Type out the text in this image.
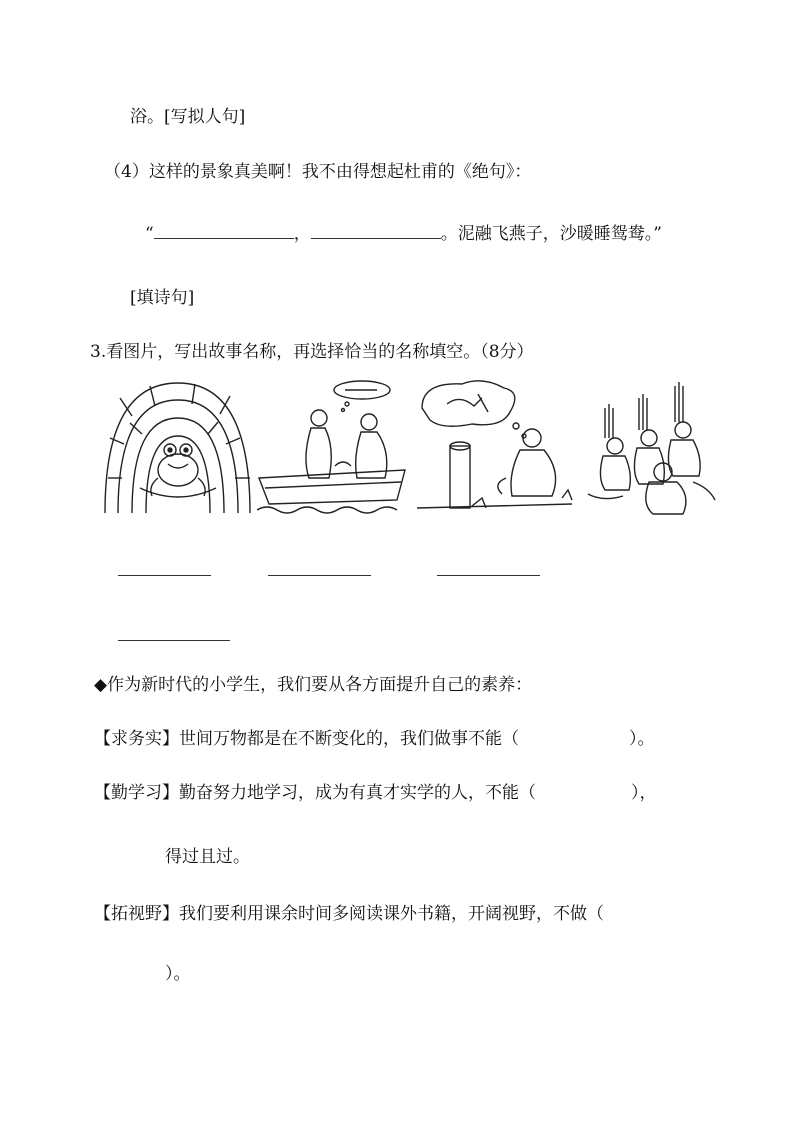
浴。[写拟人句]
（4）这样的景象真美啊！我不由得想起杜甫的《绝句》：
“	，	。泥融飞燕子，沙暖睡鸳鸯。”
[填诗句]
3.看图片，写出故事名称，再选择恰当的名称填空。（8分）
◆作为新时代的小学生，我们要从各方面提升自己的素养：
【求务实】世间万物都是在不断变化的，我们做事不能（	）。
【勤学习】勤奋努力地学习，成为有真才实学的人，不能（	），
得过且过。
【拓视野】我们要利用课余时间多阅读课外书籍，开阔视野，不做（
）。
